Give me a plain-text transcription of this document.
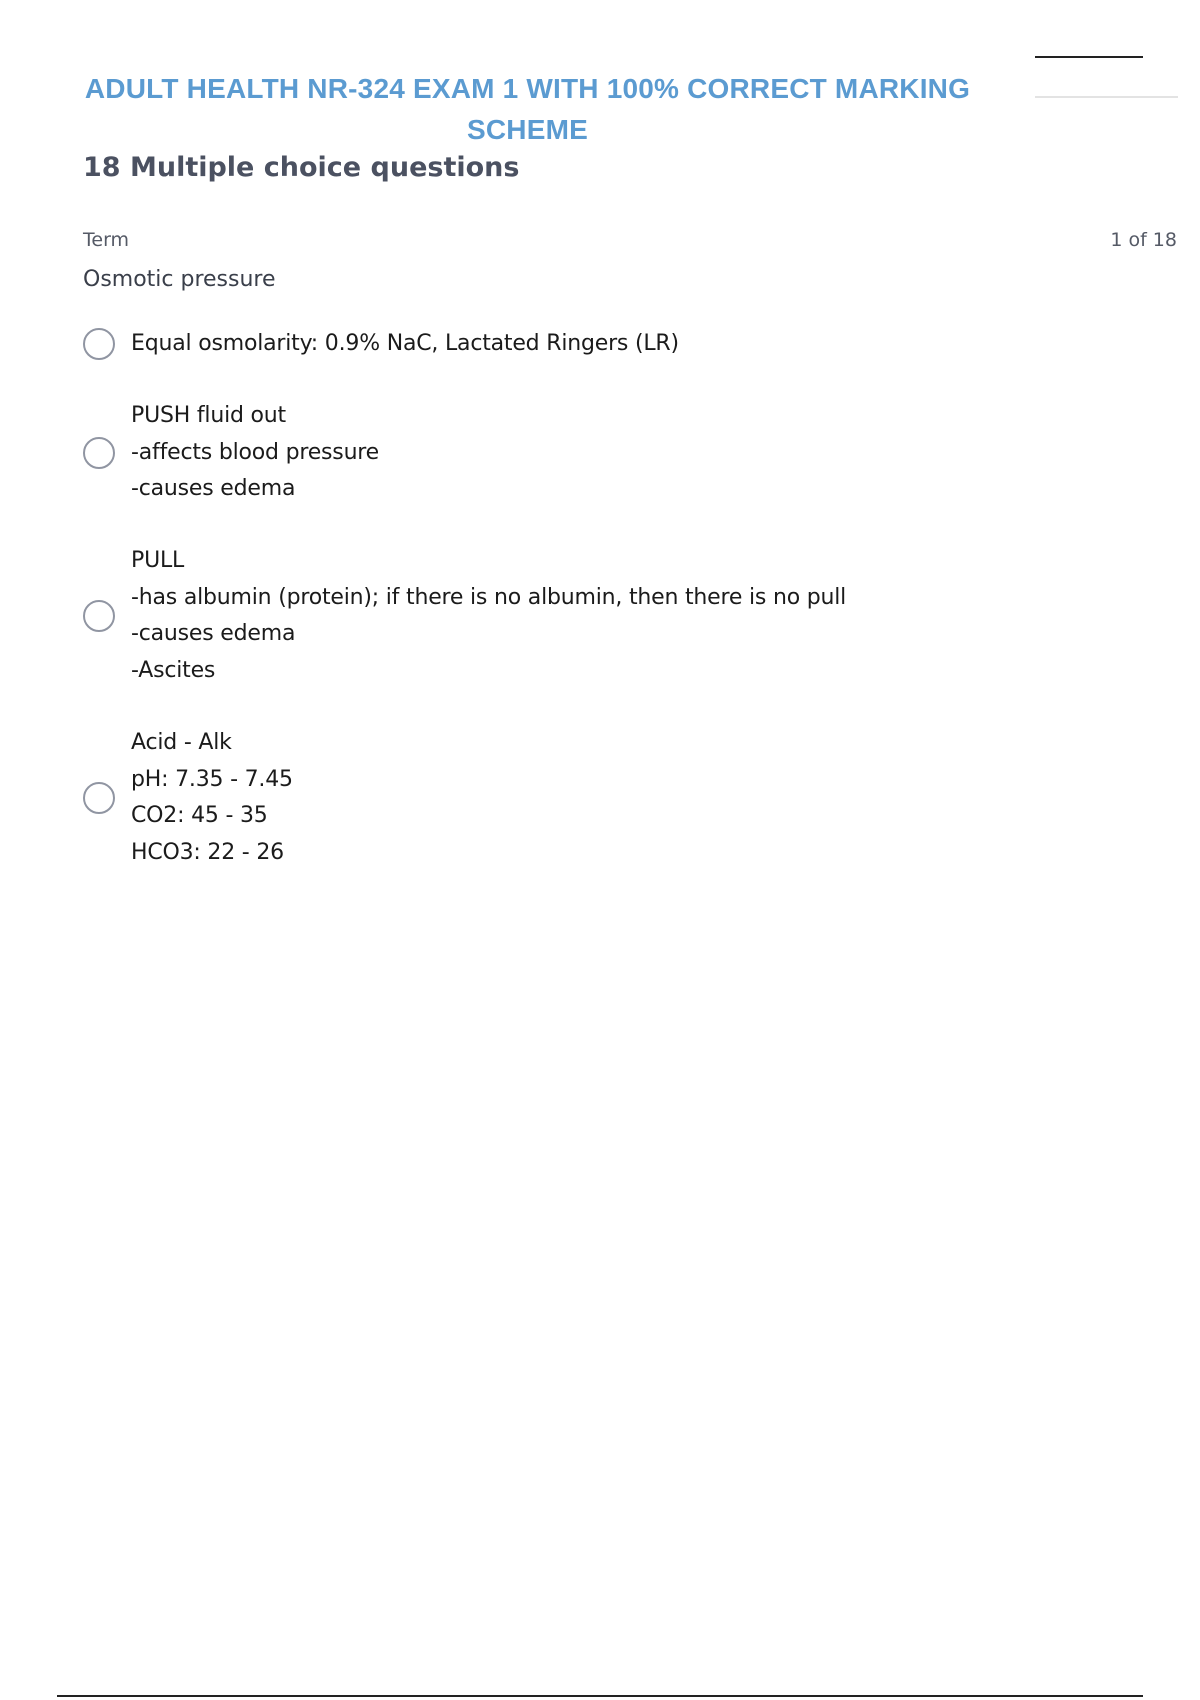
ADULT HEALTH NR-324 EXAM 1 WITH 100% CORRECT MARKING
SCHEME
18 Multiple choice questions
Term	1 of 18
Osmotic pressure
Equal osmolarity: 0.9% NaC, Lactated Ringers (LR)
PUSH fluid out
-affects blood pressure
-causes edema
PULL
-has albumin (protein); if there is no albumin, then there is no pull
-causes edema
-Ascites
Acid - Alk
pH: 7.35 - 7.45
CO2: 45 - 35
HCO3: 22 - 26
